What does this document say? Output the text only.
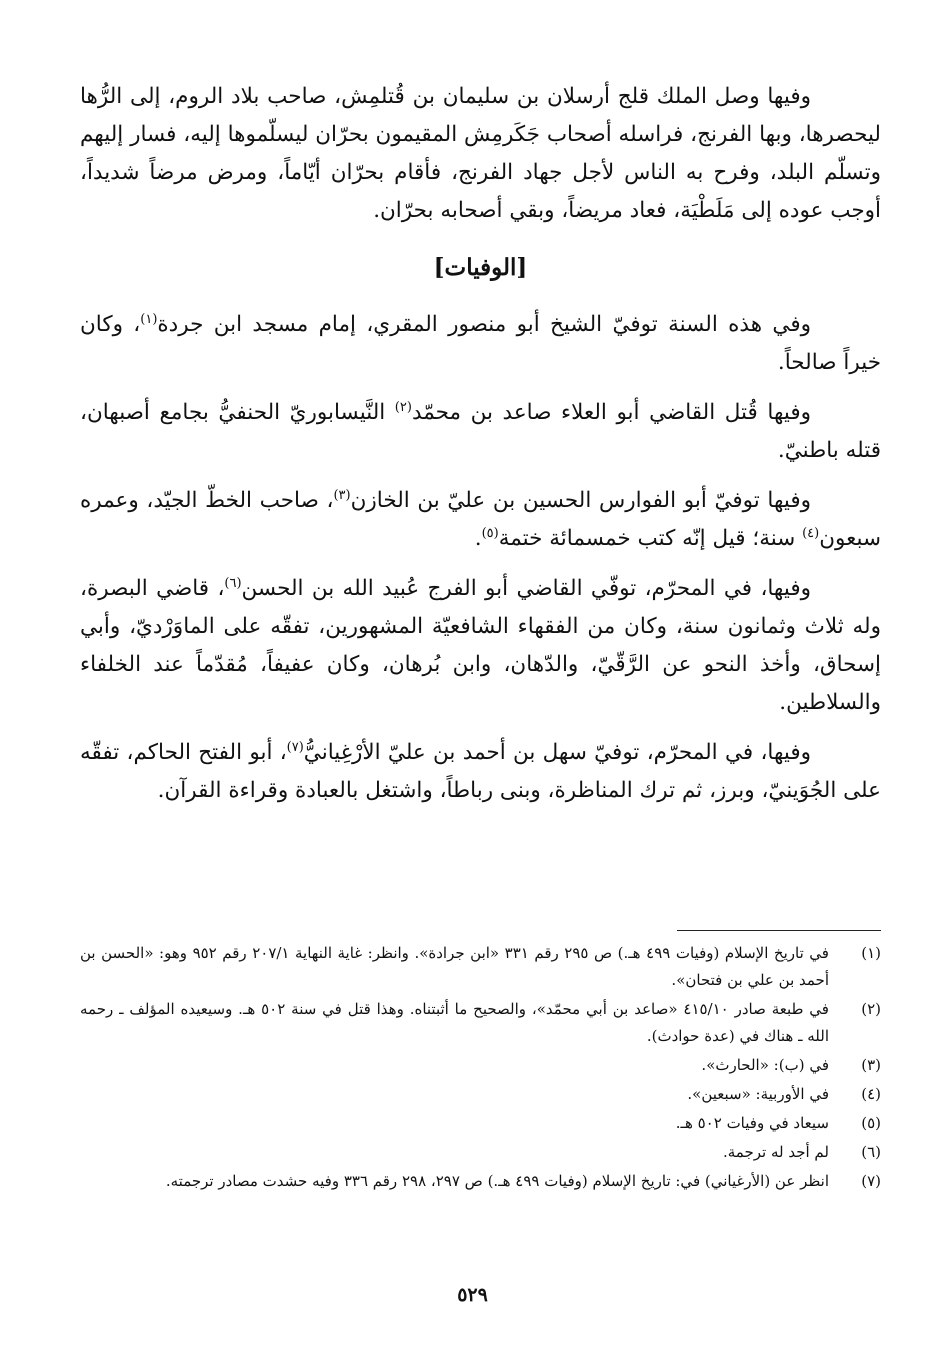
وفيها وصل الملك قلج أرسلان بن سليمان بن قُتلمِش، صاحب بلاد الروم، إلى الرُّها ليحصرها، وبها الفرنج، فراسله أصحاب جَكَرمِش المقيمون بحرّان ليسلّموها إليه، فسار إليهم وتسلّم البلد، وفرح به الناس لأجل جهاد الفرنج، فأقام بحرّان أيّاماً، ومرض مرضاً شديداً، أوجب عوده إلى مَلَطْيَة، فعاد مريضاً، وبقي أصحابه بحرّان.

[الوفيات]

وفي هذه السنة توفيّ الشيخ أبو منصور المقري، إمام مسجد ابن جردة$^{(١)}$، وكان خيراً صالحاً.

وفيها قُتل القاضي أبو العلاء صاعد بن محمّد$^{(٢)}$ النَّيسابوريّ الحنفيُّ بجامع أصبهان، قتله باطنيّ.

وفيها توفيّ أبو الفوارس الحسين بن عليّ بن الخازن$^{(٣)}$، صاحب الخطّ الجيّد، وعمره سبعون$^{(٤)}$ سنة؛ قيل إنّه كتب خمسمائة ختمة$^{(٥)}$.

وفيها، في المحرّم، توفّي القاضي أبو الفرج عُبيد الله بن الحسن$^{(٦)}$، قاضي البصرة، وله ثلاث وثمانون سنة، وكان من الفقهاء الشافعيّة المشهورين، تفقّه على الماوَرْديّ، وأبي إسحاق، وأخذ النحو عن الرَّقّيّ، والدّهان، وابن بُرهان، وكان عفيفاً، مُقدّماً عند الخلفاء والسلاطين.

وفيها، في المحرّم، توفيّ سهل بن أحمد بن عليّ الأرْغِيانيُّ$^{(٧)}$، أبو الفتح الحاكم، تفقّه على الجُوَينيّ، وبرز، ثم ترك المناظرة، وبنى رباطاً، واشتغل بالعبادة وقراءة القرآن.

(١)
في تاريخ الإسلام (وفيات ٤٩٩ هـ.) ص ٢٩٥ رقم ٣٣١ «ابن جرادة». وانظر: غاية النهاية ٢٠٧/١ رقم ٩٥٢ وهو: «الحسن بن أحمد بن علي بن فتحان».
(٢)
في طبعة صادر ٤١٥/١٠ «صاعد بن أبي محمّد»، والصحيح ما أثبتناه. وهذا قتل في سنة ٥٠٢ هـ. وسيعيده المؤلف ـ رحمه الله ـ هناك في (عدة حوادث).
(٣)
في (ب): «الحارث».
(٤)
في الأوربية: «سبعين».
(٥)
سيعاد في وفيات ٥٠٢ هـ.
(٦)
لم أجد له ترجمة.
(٧)
انظر عن (الأرغياني) في: تاريخ الإسلام (وفيات ٤٩٩ هـ.) ص ٢٩٧، ٢٩٨ رقم ٣٣٦ وفيه حشدت مصادر ترجمته.
٥٢٩
